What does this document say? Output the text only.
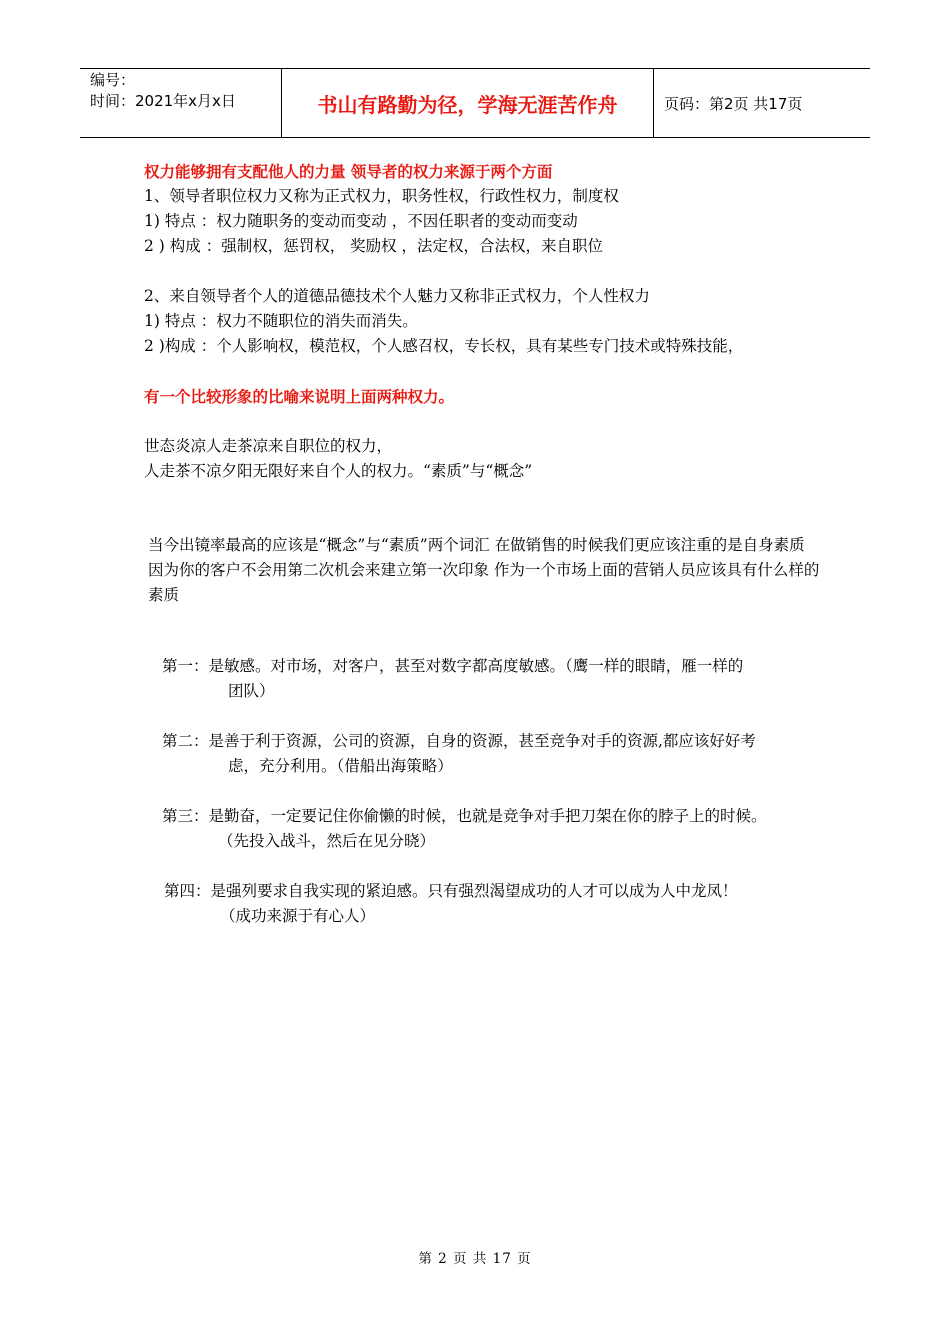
编号：
时间：2021年x月x日	书山有路勤为径，学海无涯苦作舟	页码：第2页 共17页
权力能够拥有支配他人的力量 领导者的权力来源于两个方面
1、领导者职位权力又称为正式权力，职务性权，行政性权力，制度权
1) 特点 ：权力随职务的变动而变动 ，不因任职者的变动而变动
2 ) 构成 ：强制权，惩罚权， 奖励权 ，法定权，合法权，来自职位
2、来自领导者个人的道德品德技术个人魅力又称非正式权力，个人性权力
1) 特点 ：权力不随职位的消失而消失。
2 )构成 ：个人影响权，模范权，个人感召权，专长权，具有某些专门技术或特殊技能，
有一个比较形象的比喻来说明上面两种权力。
世态炎凉人走茶凉来自职位的权力，
人走茶不凉夕阳无限好来自个人的权力。“素质”与“概念”
当今出镜率最高的应该是“概念”与“素质”两个词汇 在做销售的时候我们更应该注重的是自身素质 因为你的客户不会用第二次机会来建立第一次印象 作为一个市场上面的营销人员应该具有什么样的素质
第一：是敏感。对市场，对客户，甚至对数字都高度敏感。（鹰一样的眼睛，雁一样的
团队）
第二：是善于利于资源，公司的资源，自身的资源，甚至竞争对手的资源,都应该好好考
虑，充分利用。（借船出海策略）
第三：是勤奋，一定要记住你偷懒的时候，也就是竞争对手把刀架在你的脖子上的时候。
（先投入战斗，然后在见分晓）
第四：是强列要求自我实现的紧迫感。只有强烈渴望成功的人才可以成为人中龙凤！
（成功来源于有心人）
第 2 页 共 17 页
